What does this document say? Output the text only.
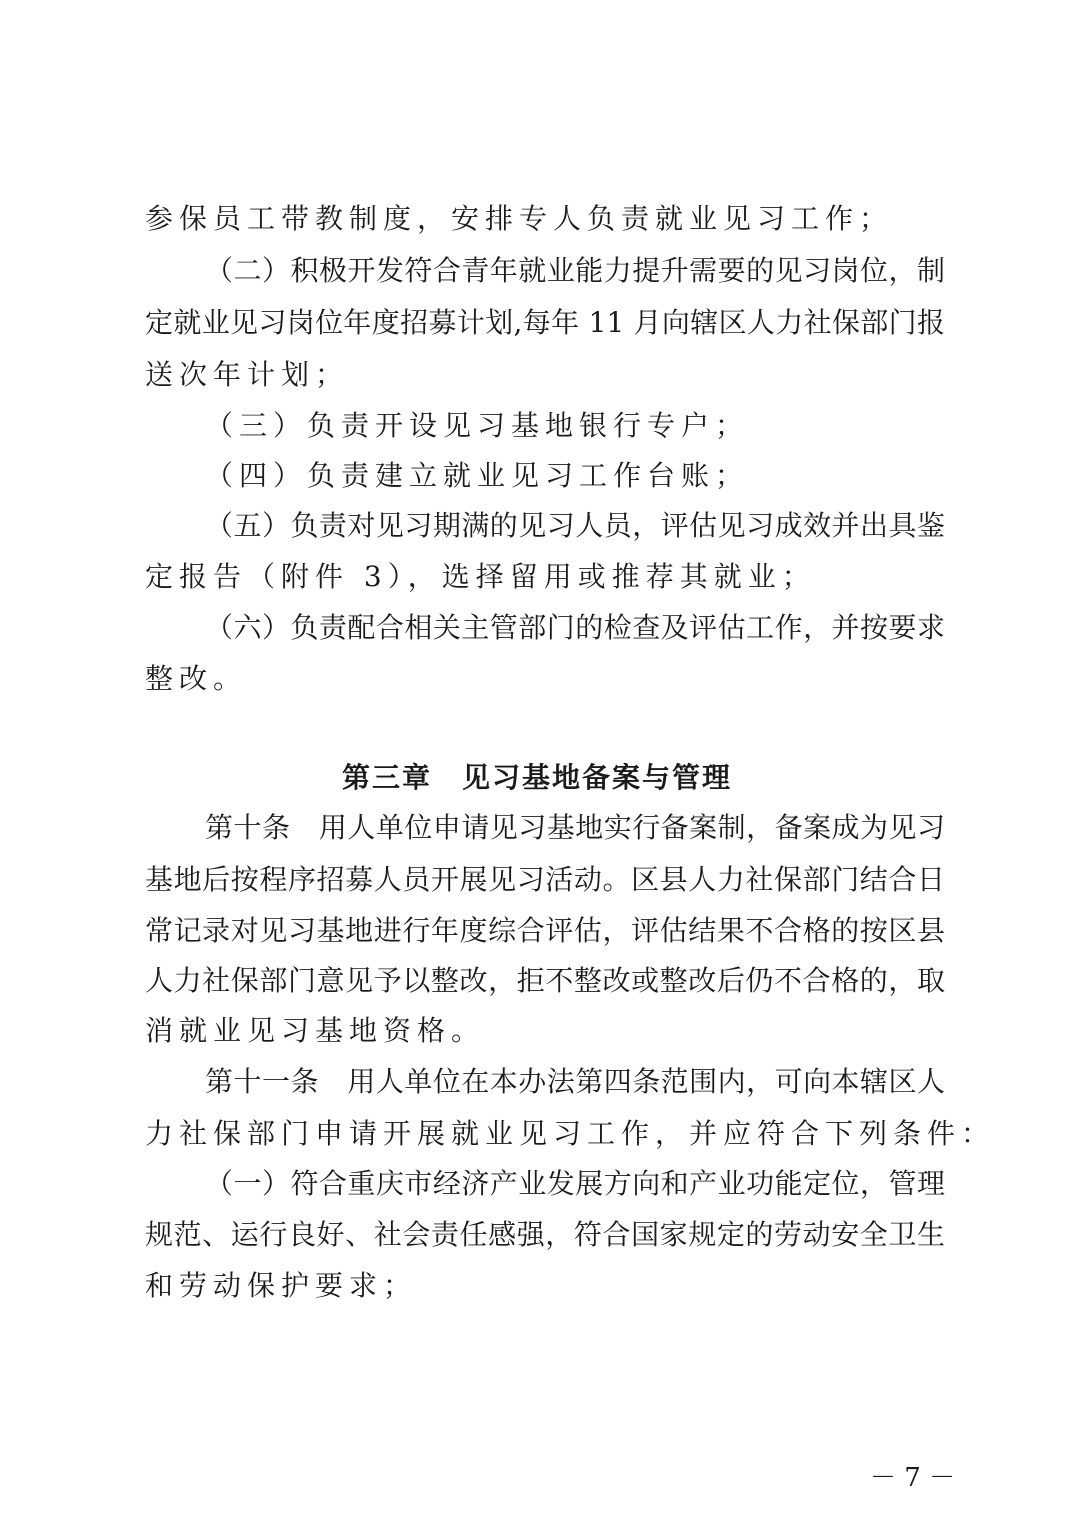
参保员工带教制度，安排专人负责就业见习工作；
（二）积极开发符合青年就业能力提升需要的见习岗位，制
定就业见习岗位年度招募计划,每年 11 月向辖区人力社保部门报
送次年计划；
（三）负责开设见习基地银行专户；
（四）负责建立就业见习工作台账；
（五）负责对见习期满的见习人员，评估见习成效并出具鉴
定报告（附件 3），选择留用或推荐其就业；
（六）负责配合相关主管部门的检查及评估工作，并按要求
整改。
第三章　见习基地备案与管理
第十条　用人单位申请见习基地实行备案制，备案成为见习
基地后按程序招募人员开展见习活动。区县人力社保部门结合日
常记录对见习基地进行年度综合评估，评估结果不合格的按区县
人力社保部门意见予以整改，拒不整改或整改后仍不合格的，取
消就业见习基地资格。
第十一条　用人单位在本办法第四条范围内，可向本辖区人
力社保部门申请开展就业见习工作，并应符合下列条件：
（一）符合重庆市经济产业发展方向和产业功能定位，管理
规范、运行良好、社会责任感强，符合国家规定的劳动安全卫生
和劳动保护要求；
－ 7 －
